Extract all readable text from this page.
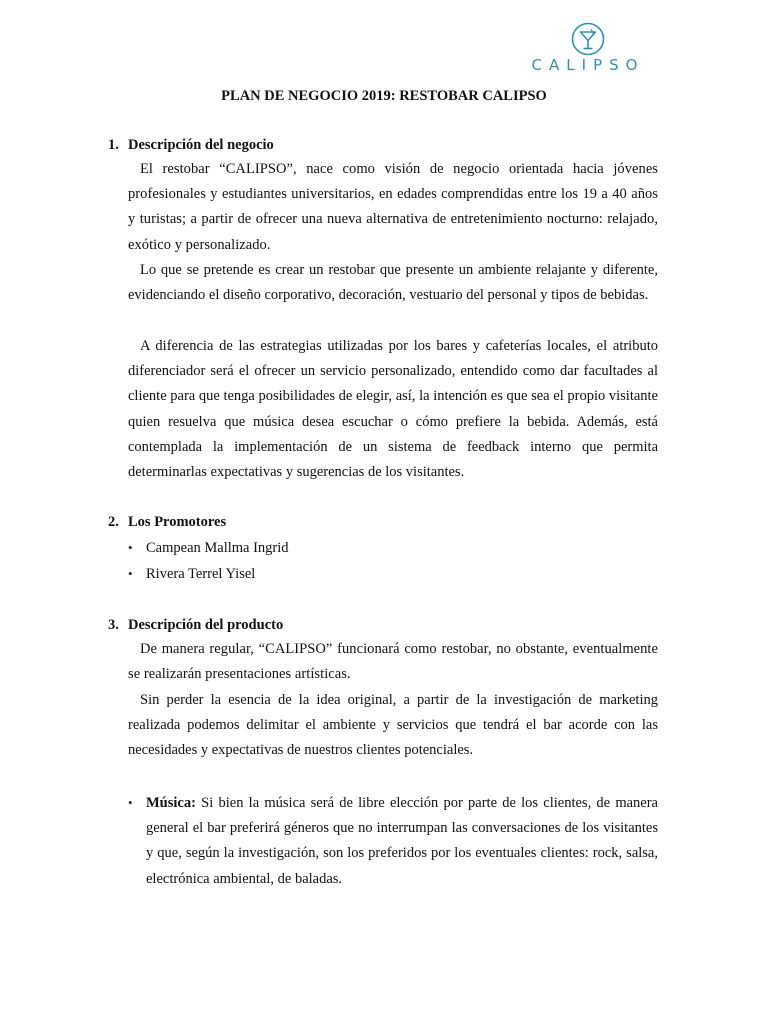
CALIPSO
PLAN DE NEGOCIO 2019: RESTOBAR CALIPSO
1. Descripción del negocio
El restobar “CALIPSO”, nace como visión de negocio orientada hacia jóvenes profesionales y estudiantes universitarios, en edades comprendidas entre los 19 a 40 años y turistas; a partir de ofrecer una nueva alternativa de entretenimiento nocturno: relajado, exótico y personalizado.
Lo que se pretende es crear un restobar que presente un ambiente relajante y diferente, evidenciando el diseño corporativo, decoración, vestuario del personal y tipos de bebidas.
A diferencia de las estrategias utilizadas por los bares y cafeterías locales, el atributo diferenciador será el ofrecer un servicio personalizado, entendido como dar facultades al cliente para que tenga posibilidades de elegir, así, la intención es que sea el propio visitante quien resuelva que música desea escuchar o cómo prefiere la bebida. Además, está contemplada la implementación de un sistema de feedback interno que permita determinarlas expectativas y sugerencias de los visitantes.
2. Los Promotores
• Campean Mallma Ingrid
• Rivera Terrel Yisel
3. Descripción del producto
De manera regular, “CALIPSO” funcionará como restobar, no obstante, eventualmente se realizarán presentaciones artísticas.
Sin perder la esencia de la idea original, a partir de la investigación de marketing realizada podemos delimitar el ambiente y servicios que tendrá el bar acorde con las necesidades y expectativas de nuestros clientes potenciales.
• Música: Si bien la música será de libre elección por parte de los clientes, de manera general el bar preferirá géneros que no interrumpan las conversaciones de los visitantes y que, según la investigación, son los preferidos por los eventuales clientes: rock, salsa, electrónica ambiental, de baladas.
